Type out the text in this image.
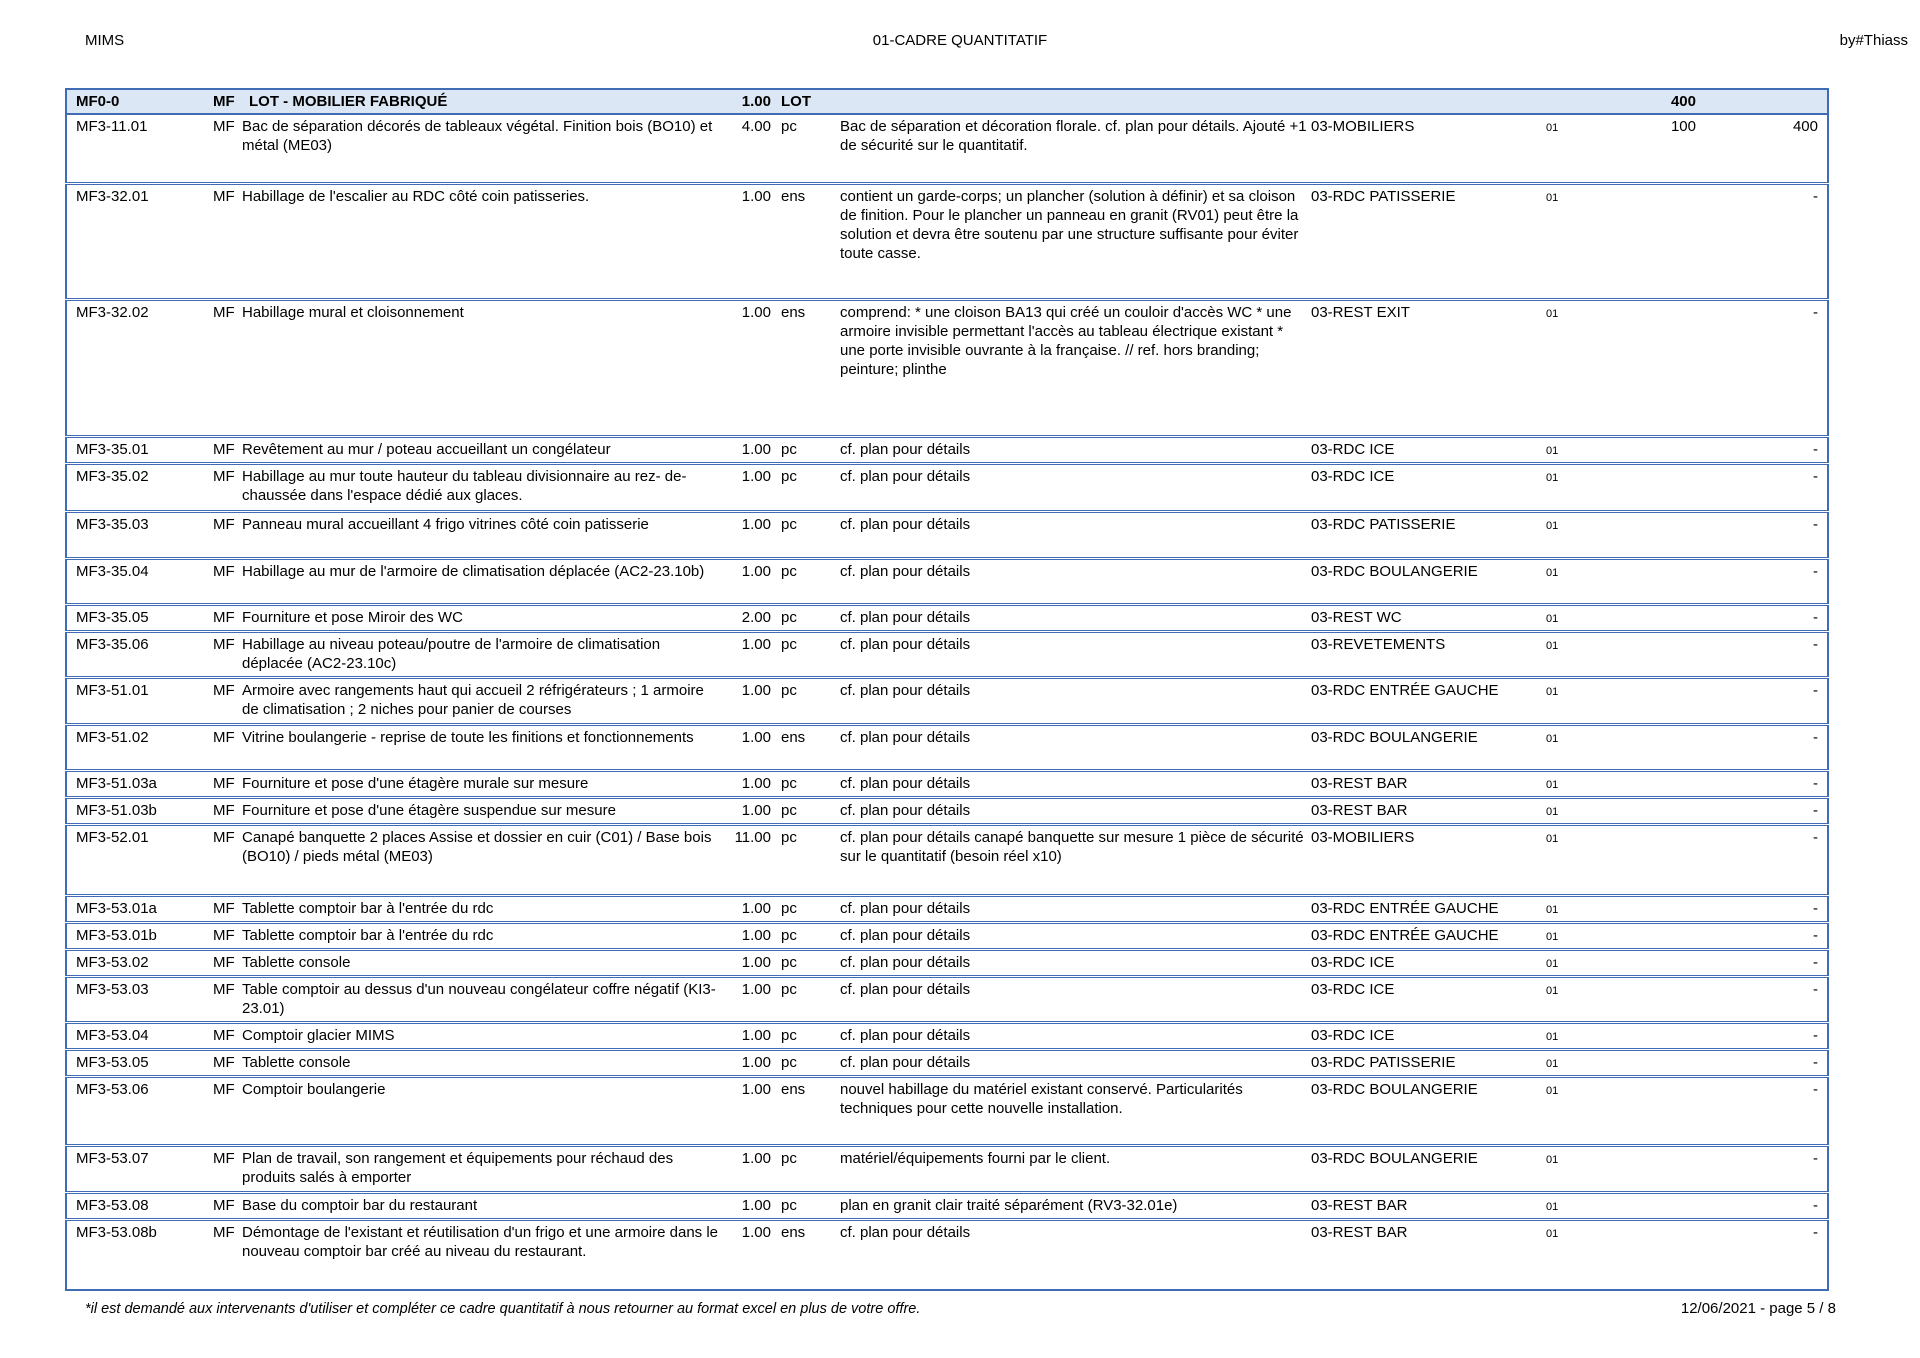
MIMS	01-CADRE QUANTITATIF	by#Thiass
MF0-0	MF	LOT - MOBILIER FABRIQUÉ	1.00	LOT				400	
MF3-11.01	MF	Bac de séparation décorés de tableaux végétal. Finition bois (BO10) et métal (ME03)	4.00	pc	Bac de séparation et décoration florale. cf. plan pour détails. Ajouté +1 de sécurité sur le quantitatif.	03-MOBILIERS	01	100	400
MF3-32.01	MF	Habillage de l'escalier au RDC côté coin patisseries.	1.00	ens	contient un garde-corps; un plancher (solution à définir) et sa cloison de finition. Pour le plancher un panneau en granit (RV01) peut être la solution et devra être soutenu par une structure suffisante pour éviter toute casse.	03-RDC PATISSERIE	01		-
MF3-32.02	MF	Habillage mural et cloisonnement	1.00	ens	comprend: * une cloison BA13 qui créé un couloir d'accès WC * une armoire invisible permettant l'accès au tableau électrique existant * une porte invisible ouvrante à la française. // ref. hors branding; peinture; plinthe	03-REST EXIT	01		-
MF3-35.01	MF	Revêtement au mur / poteau accueillant un congélateur	1.00	pc	cf. plan pour détails	03-RDC ICE	01		-
MF3-35.02	MF	Habillage au mur toute hauteur du tableau divisionnaire au rez- de-chaussée dans l'espace dédié aux glaces.	1.00	pc	cf. plan pour détails	03-RDC ICE	01		-
MF3-35.03	MF	Panneau mural accueillant 4 frigo vitrines côté coin patisserie	1.00	pc	cf. plan pour détails	03-RDC PATISSERIE	01		-
MF3-35.04	MF	Habillage au mur de l'armoire de climatisation déplacée (AC2-23.10b)	1.00	pc	cf. plan pour détails	03-RDC BOULANGERIE	01		-
MF3-35.05	MF	Fourniture et pose Miroir des WC	2.00	pc	cf. plan pour détails	03-REST WC	01		-
MF3-35.06	MF	Habillage au niveau poteau/poutre de l'armoire de climatisation déplacée (AC2-23.10c)	1.00	pc	cf. plan pour détails	03-REVETEMENTS	01		-
MF3-51.01	MF	Armoire avec rangements haut qui accueil 2 réfrigérateurs ; 1 armoire de climatisation ; 2 niches pour panier de courses	1.00	pc	cf. plan pour détails	03-RDC ENTRÉE GAUCHE	01		-
MF3-51.02	MF	Vitrine boulangerie - reprise de toute les finitions et fonctionnements	1.00	ens	cf. plan pour détails	03-RDC BOULANGERIE	01		-
MF3-51.03a	MF	Fourniture et pose d'une étagère murale sur mesure	1.00	pc	cf. plan pour détails	03-REST BAR	01		-
MF3-51.03b	MF	Fourniture et pose d'une étagère suspendue sur mesure	1.00	pc	cf. plan pour détails	03-REST BAR	01		-
MF3-52.01	MF	Canapé banquette 2 places Assise et dossier en cuir (C01) / Base bois (BO10) / pieds métal (ME03)	11.00	pc	cf. plan pour détails canapé banquette sur mesure 1 pièce de sécurité sur le quantitatif (besoin réel x10)	03-MOBILIERS	01		-
MF3-53.01a	MF	Tablette comptoir bar à l'entrée du rdc	1.00	pc	cf. plan pour détails	03-RDC ENTRÉE GAUCHE	01		-
MF3-53.01b	MF	Tablette comptoir bar à l'entrée du rdc	1.00	pc	cf. plan pour détails	03-RDC ENTRÉE GAUCHE	01		-
MF3-53.02	MF	Tablette console	1.00	pc	cf. plan pour détails	03-RDC ICE	01		-
MF3-53.03	MF	Table comptoir au dessus d'un nouveau congélateur coffre négatif (KI3-23.01)	1.00	pc	cf. plan pour détails	03-RDC ICE	01		-
MF3-53.04	MF	Comptoir glacier MIMS	1.00	pc	cf. plan pour détails	03-RDC ICE	01		-
MF3-53.05	MF	Tablette console	1.00	pc	cf. plan pour détails	03-RDC PATISSERIE	01		-
MF3-53.06	MF	Comptoir boulangerie	1.00	ens	nouvel habillage du matériel existant conservé. Particularités techniques pour cette nouvelle installation.	03-RDC BOULANGERIE	01		-
MF3-53.07	MF	Plan de travail, son rangement et équipements pour réchaud des produits salés à emporter	1.00	pc	matériel/équipements fourni par le client.	03-RDC BOULANGERIE	01		-
MF3-53.08	MF	Base du comptoir bar du restaurant	1.00	pc	plan en granit clair traité séparément (RV3-32.01e)	03-REST BAR	01		-
MF3-53.08b	MF	Démontage de l'existant et réutilisation d'un frigo et une armoire dans le nouveau comptoir bar créé au niveau du restaurant.	1.00	ens	cf. plan pour détails	03-REST BAR	01		-
*il est demandé aux intervenants d'utiliser et compléter ce cadre quantitatif à nous retourner au format excel en plus de votre offre.	12/06/2021 - page 5 / 8
